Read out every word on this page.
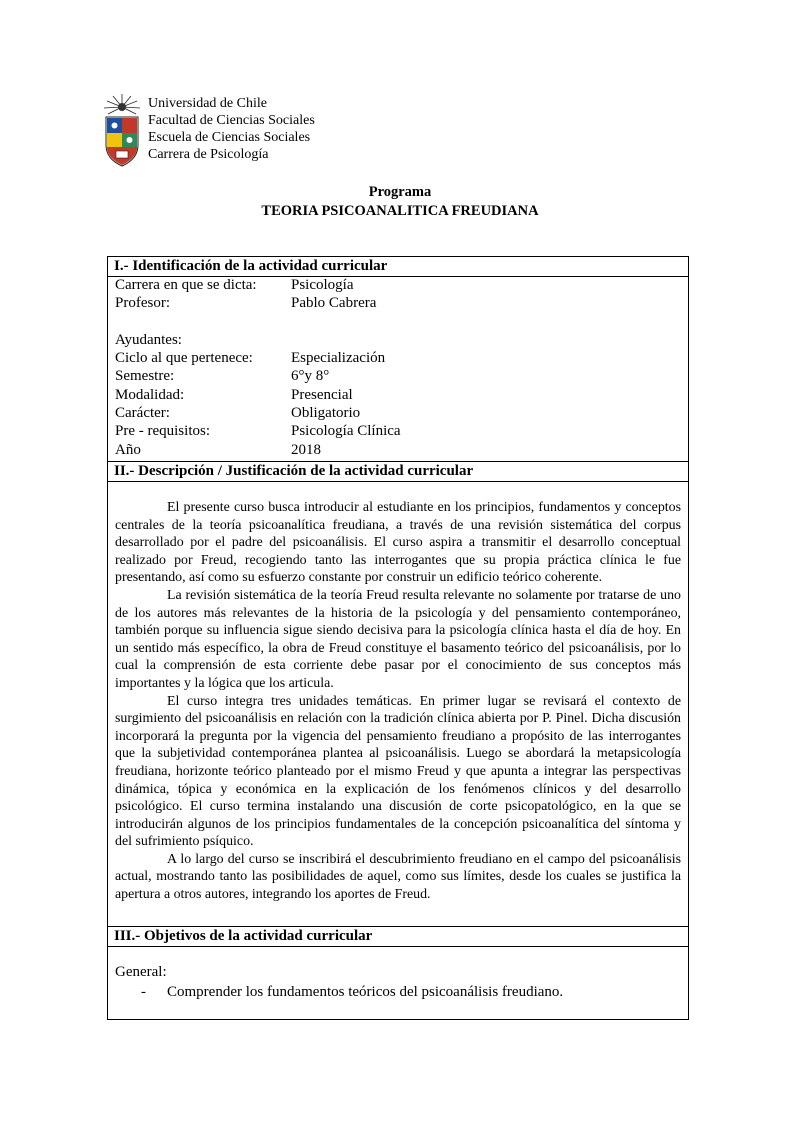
Universidad de Chile
Facultad de Ciencias Sociales
Escuela de Ciencias Sociales
Carrera de Psicología
Programa
TEORIA PSICOANALITICA FREUDIANA
I.- Identificación de la actividad curricular
Carrera en que se dicta:	Psicología
Profesor:	Pablo Cabrera
Ayudantes:
Ciclo al que pertenece:	Especialización
Semestre:	6°y 8°
Modalidad:	Presencial
Carácter:	Obligatorio
Pre - requisitos:	Psicología Clínica
Año	2018
II.- Descripción / Justificación de la actividad curricular

El presente curso busca introducir al estudiante en los principios, fundamentos y conceptos centrales de la teoría psicoanalítica freudiana, a través de una revisión sistemática del corpus desarrollado por el padre del psicoanálisis. El curso aspira a transmitir el desarrollo conceptual realizado por Freud, recogiendo tanto las interrogantes que su propia práctica clínica le fue presentando, así como su esfuerzo constante por construir un edificio teórico coherente.

La revisión sistemática de la teoría Freud resulta relevante no solamente por tratarse de uno de los autores más relevantes de la historia de la psicología y del pensamiento contemporáneo, también porque su influencia sigue siendo decisiva para la psicología clínica hasta el día de hoy. En un sentido más específico, la obra de Freud constituye el basamento teórico del psicoanálisis, por lo cual la comprensión de esta corriente debe pasar por el conocimiento de sus conceptos más importantes y la lógica que los articula.

El curso integra tres unidades temáticas. En primer lugar se revisará el contexto de surgimiento del psicoanálisis en relación con la tradición clínica abierta por P. Pinel. Dicha discusión incorporará la pregunta por la vigencia del pensamiento freudiano a propósito de las interrogantes que la subjetividad contemporánea plantea al psicoanálisis. Luego se abordará la metapsicología freudiana, horizonte teórico planteado por el mismo Freud y que apunta a integrar las perspectivas dinámica, tópica y económica en la explicación de los fenómenos clínicos y del desarrollo psicológico. El curso termina instalando una discusión de corte psicopatológico, en la que se introducirán algunos de los principios fundamentales de la concepción psicoanalítica del síntoma y del sufrimiento psíquico.

A lo largo del curso se inscribirá el descubrimiento freudiano en el campo del psicoanálisis actual, mostrando tanto las posibilidades de aquel, como sus límites, desde los cuales se justifica la apertura a otros autores, integrando los aportes de Freud.

III.- Objetivos de la actividad curricular
General:
-	Comprender los fundamentos teóricos del psicoanálisis freudiano.
